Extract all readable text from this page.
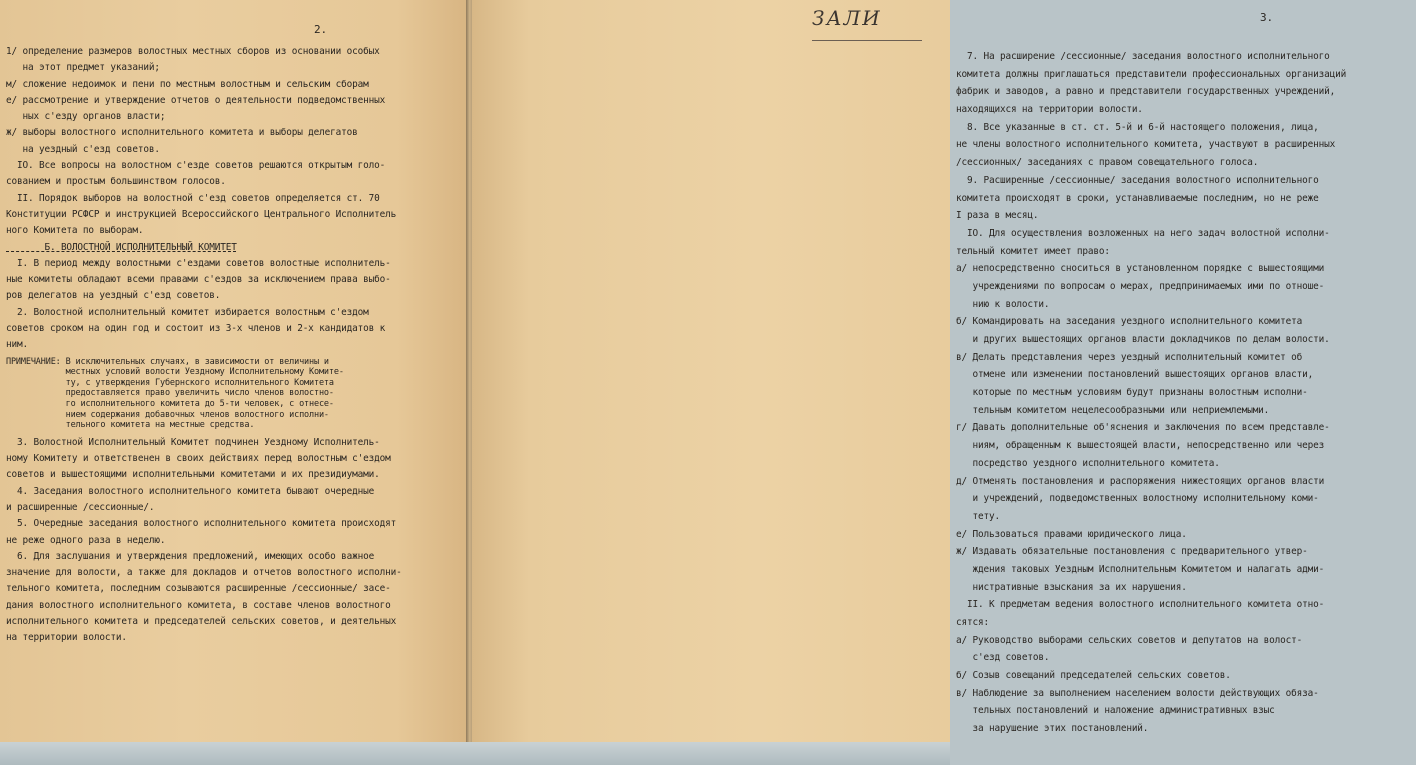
2.

1/ определение размеров волостных местных сборов из основании особых
на этот предмет указаний;
м/ сложение недоимок и пени по местным волостным и сельским сборам
е/ рассмотрение и утверждение отчетов о деятельности подведомственных
ных с'езду органов власти;
ж/ выборы волостного исполнительного комитета и выборы делегатов
на уездный с'езд советов.
IO. Все вопросы на волостном с'езде советов решаются открытым голо-
сованием и простым большинством голосов.
II. Порядок выборов на волостной с'езд советов определяется ст. 70
Конституции РСФСР и инструкцией Всероссийского Центрального Исполнитель
ного Комитета по выборам.
Б. ВОЛОСТНОЙ ИСПОЛНИТЕЛЬНЫЙ КОМИТЕТ
I. В период между волостными с'ездами советов волостные исполнитель-
ные комитеты обладают всеми правами с'ездов за исключением права выбо-
ров делегатов на уездный с'езд советов.
2. Волостной исполнительный комитет избирается волостным с'ездом
советов сроком на один год и состоит из 3-х членов и 2-х кандидатов к
ним.
ПРИМЕЧАНИЕ: В исключительных случаях, в зависимости от величины и
местных условий волости Уездному Исполнительному Комите-
ту, с утверждения Губернского исполнительного Комитета
предоставляется право увеличить число членов волостно-
го исполнительного комитета до 5-ти человек, с отнесе-
нием содержания добавочных членов волостного исполни-
тельного комитета на местные средства.
3. Волостной Исполнительный Комитет подчинен Уездному Исполнитель-
ному Комитету и ответственен в своих действиях перед волостным с'ездом
советов и вышестоящими исполнительными комитетами и их президиумами.
4. Заседания волостного исполнительного комитета бывают очередные
и расширенные /сессионные/.
5. Очередные заседания волостного исполнительного комитета происходят
не реже одного раза в неделю.
6. Для заслушания и утверждения предложений, имеющих особо важное
значение для волости, а также для докладов и отчетов волостного исполни-
тельного комитета, последним созываются расширенные /сессионные/ засе-
дания волостного исполнительного комитета, в составе членов волостного
исполнительного комитета и председателей сельских советов, и деятельных
на территории волости.

3.

7. На расширение /сессионные/ заседания волостного исполнительного
комитета должны приглашаться представители профессиональных организаций
фабрик и заводов, а равно и представители государственных учреждений,
находящихся на территории волости.
8. Все указанные в ст. ст. 5-й и 6-й настоящего положения, лица,
не члены волостного исполнительного комитета, участвуют в расширенных
/сессионных/ заседаниях с правом совещательного голоса.
9. Расширенные /сессионные/ заседания волостного исполнительного
комитета происходят в сроки, устанавливаемые последним, но не реже
I раза в месяц.
IO. Для осуществления возложенных на него задач волостной исполни-
тельный комитет имеет право:
а/ непосредственно сноситься в установленном порядке с вышестоящими
учреждениями по вопросам о мерах, предпринимаемых ими по отноше-
нию к волости.
б/ Командировать на заседания уездного исполнительного комитета
и других вышестоящих органов власти докладчиков по делам волости.
в/ Делать представления через уездный исполнительный комитет об
отмене или изменении постановлений вышестоящих органов власти,
которые по местным условиям будут признаны волостным исполни-
тельным комитетом нецелесообразными или неприемлемыми.
г/ Давать дополнительные об'яснения и заключения по всем представле-
ниям, обращенным к вышестоящей власти, непосредственно или через
посредство уездного исполнительного комитета.
д/ Отменять постановления и распоряжения нижестоящих органов власти
и учреждений, подведомственных волостному исполнительному коми-
тету.
е/ Пользоваться правами юридического лица.
ж/ Издавать обязательные постановления с предварительного утвер-
ждения таковых Уездным Исполнительным Комитетом и налагать адми-
нистративные взыскания за их нарушения.
II. К предметам ведения волостного исполнительного комитета отно-
сятся:
а/ Руководство выборами сельских советов и депутатов на волост-
с'езд советов.
б/ Созыв совещаний председателей сельских советов.
в/ Наблюдение за выполнением населением волости действующих обяза-
тельных постановлений и наложение административных взыс
за нарушение этих постановлений.

ЗАЛИ
